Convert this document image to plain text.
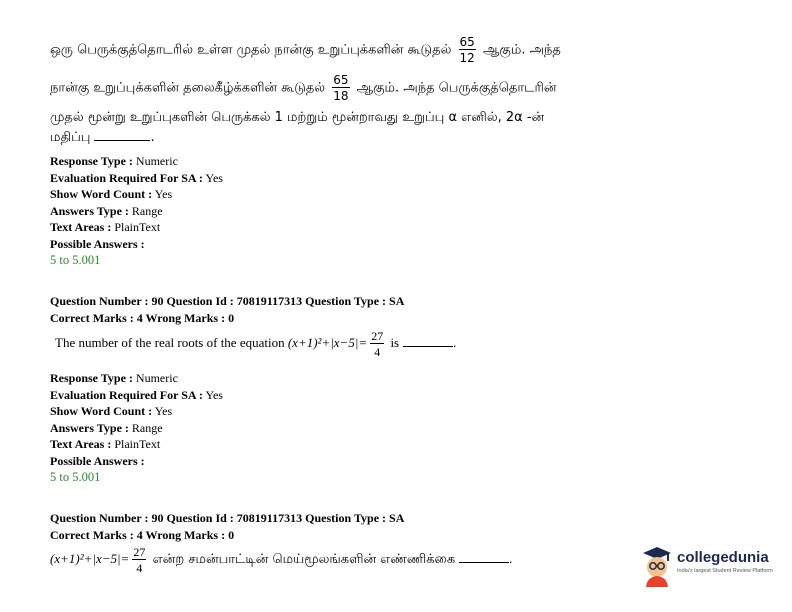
ஒரு பெருக்குத்தொடரில் உள்ள முதல் நான்கு உறுப்புக்களின் கூடுதல் $\frac{65}{12}$ ஆகும். அந்த
நான்கு உறுப்புக்களின் தலைகீழ்க்களின் கூடுதல் $\frac{65}{18}$ ஆகும். அந்த பெருக்குத்தொடரின்
முதல் மூன்று உறுப்புகளின் பெருக்கல் 1 மற்றும் மூன்றாவது உறுப்பு α எனில், 2α -ன்
மதிப்பு	.
Response Type : Numeric
Evaluation Required For SA : Yes
Show Word Count : Yes
Answers Type : Range
Text Areas : PlainText
Possible Answers :
5 to 5.001
Question Number : 90 Question Id : 70819117313 Question Type : SA
Correct Marks : 4 Wrong Marks : 0
The number of the real roots of the equation $(x+1)^2+|x-5|= \frac{27}{4}$ is	.
Response Type : Numeric
Evaluation Required For SA : Yes
Show Word Count : Yes
Answers Type : Range
Text Areas : PlainText
Possible Answers :
5 to 5.001
Question Number : 90 Question Id : 70819117313 Question Type : SA
Correct Marks : 4 Wrong Marks : 0
$(x+1)^2+|x-5|= \frac{27}{4}$ என்ற சமன்பாட்டின் மெய்மூலங்களின் எண்ணிக்கை	.	collegedunia
India's largest Student Review Platform
